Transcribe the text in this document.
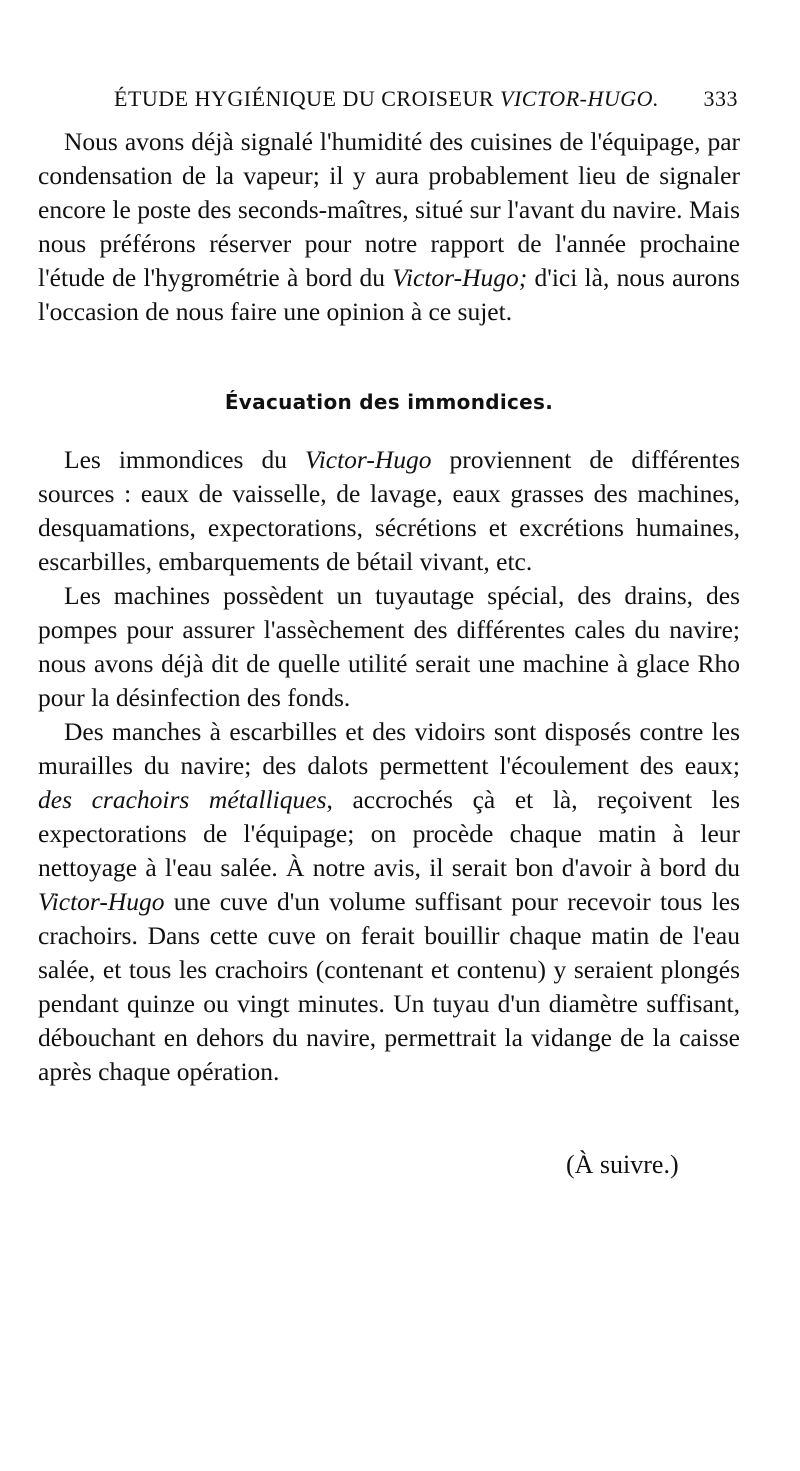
ÉTUDE HYGIÉNIQUE DU CROISEUR VICTOR-HUGO. 333

Nous avons déjà signalé l'humidité des cuisines de l'équipage, par condensation de la vapeur; il y aura probablement lieu de signaler encore le poste des seconds-maîtres, situé sur l'avant du navire. Mais nous préférons réserver pour notre rapport de l'année prochaine l'étude de l'hygrométrie à bord du Victor-Hugo; d'ici là, nous aurons l'occasion de nous faire une opinion à ce sujet.

Évacuation des immondices.

Les immondices du Victor-Hugo proviennent de différentes sources : eaux de vaisselle, de lavage, eaux grasses des machines, desquamations, expectorations, sécrétions et excrétions humaines, escarbilles, embarquements de bétail vivant, etc.

Les machines possèdent un tuyautage spécial, des drains, des pompes pour assurer l'assèchement des différentes cales du navire; nous avons déjà dit de quelle utilité serait une machine à glace Rho pour la désinfection des fonds.

Des manches à escarbilles et des vidoirs sont disposés contre les murailles du navire; des dalots permettent l'écoulement des eaux; des crachoirs métalliques, accrochés çà et là, reçoivent les expectorations de l'équipage; on procède chaque matin à leur nettoyage à l'eau salée. À notre avis, il serait bon d'avoir à bord du Victor-Hugo une cuve d'un volume suffisant pour recevoir tous les crachoirs. Dans cette cuve on ferait bouillir chaque matin de l'eau salée, et tous les crachoirs (contenant et contenu) y seraient plongés pendant quinze ou vingt minutes. Un tuyau d'un diamètre suffisant, débouchant en dehors du navire, permettrait la vidange de la caisse après chaque opération.

(À suivre.)
